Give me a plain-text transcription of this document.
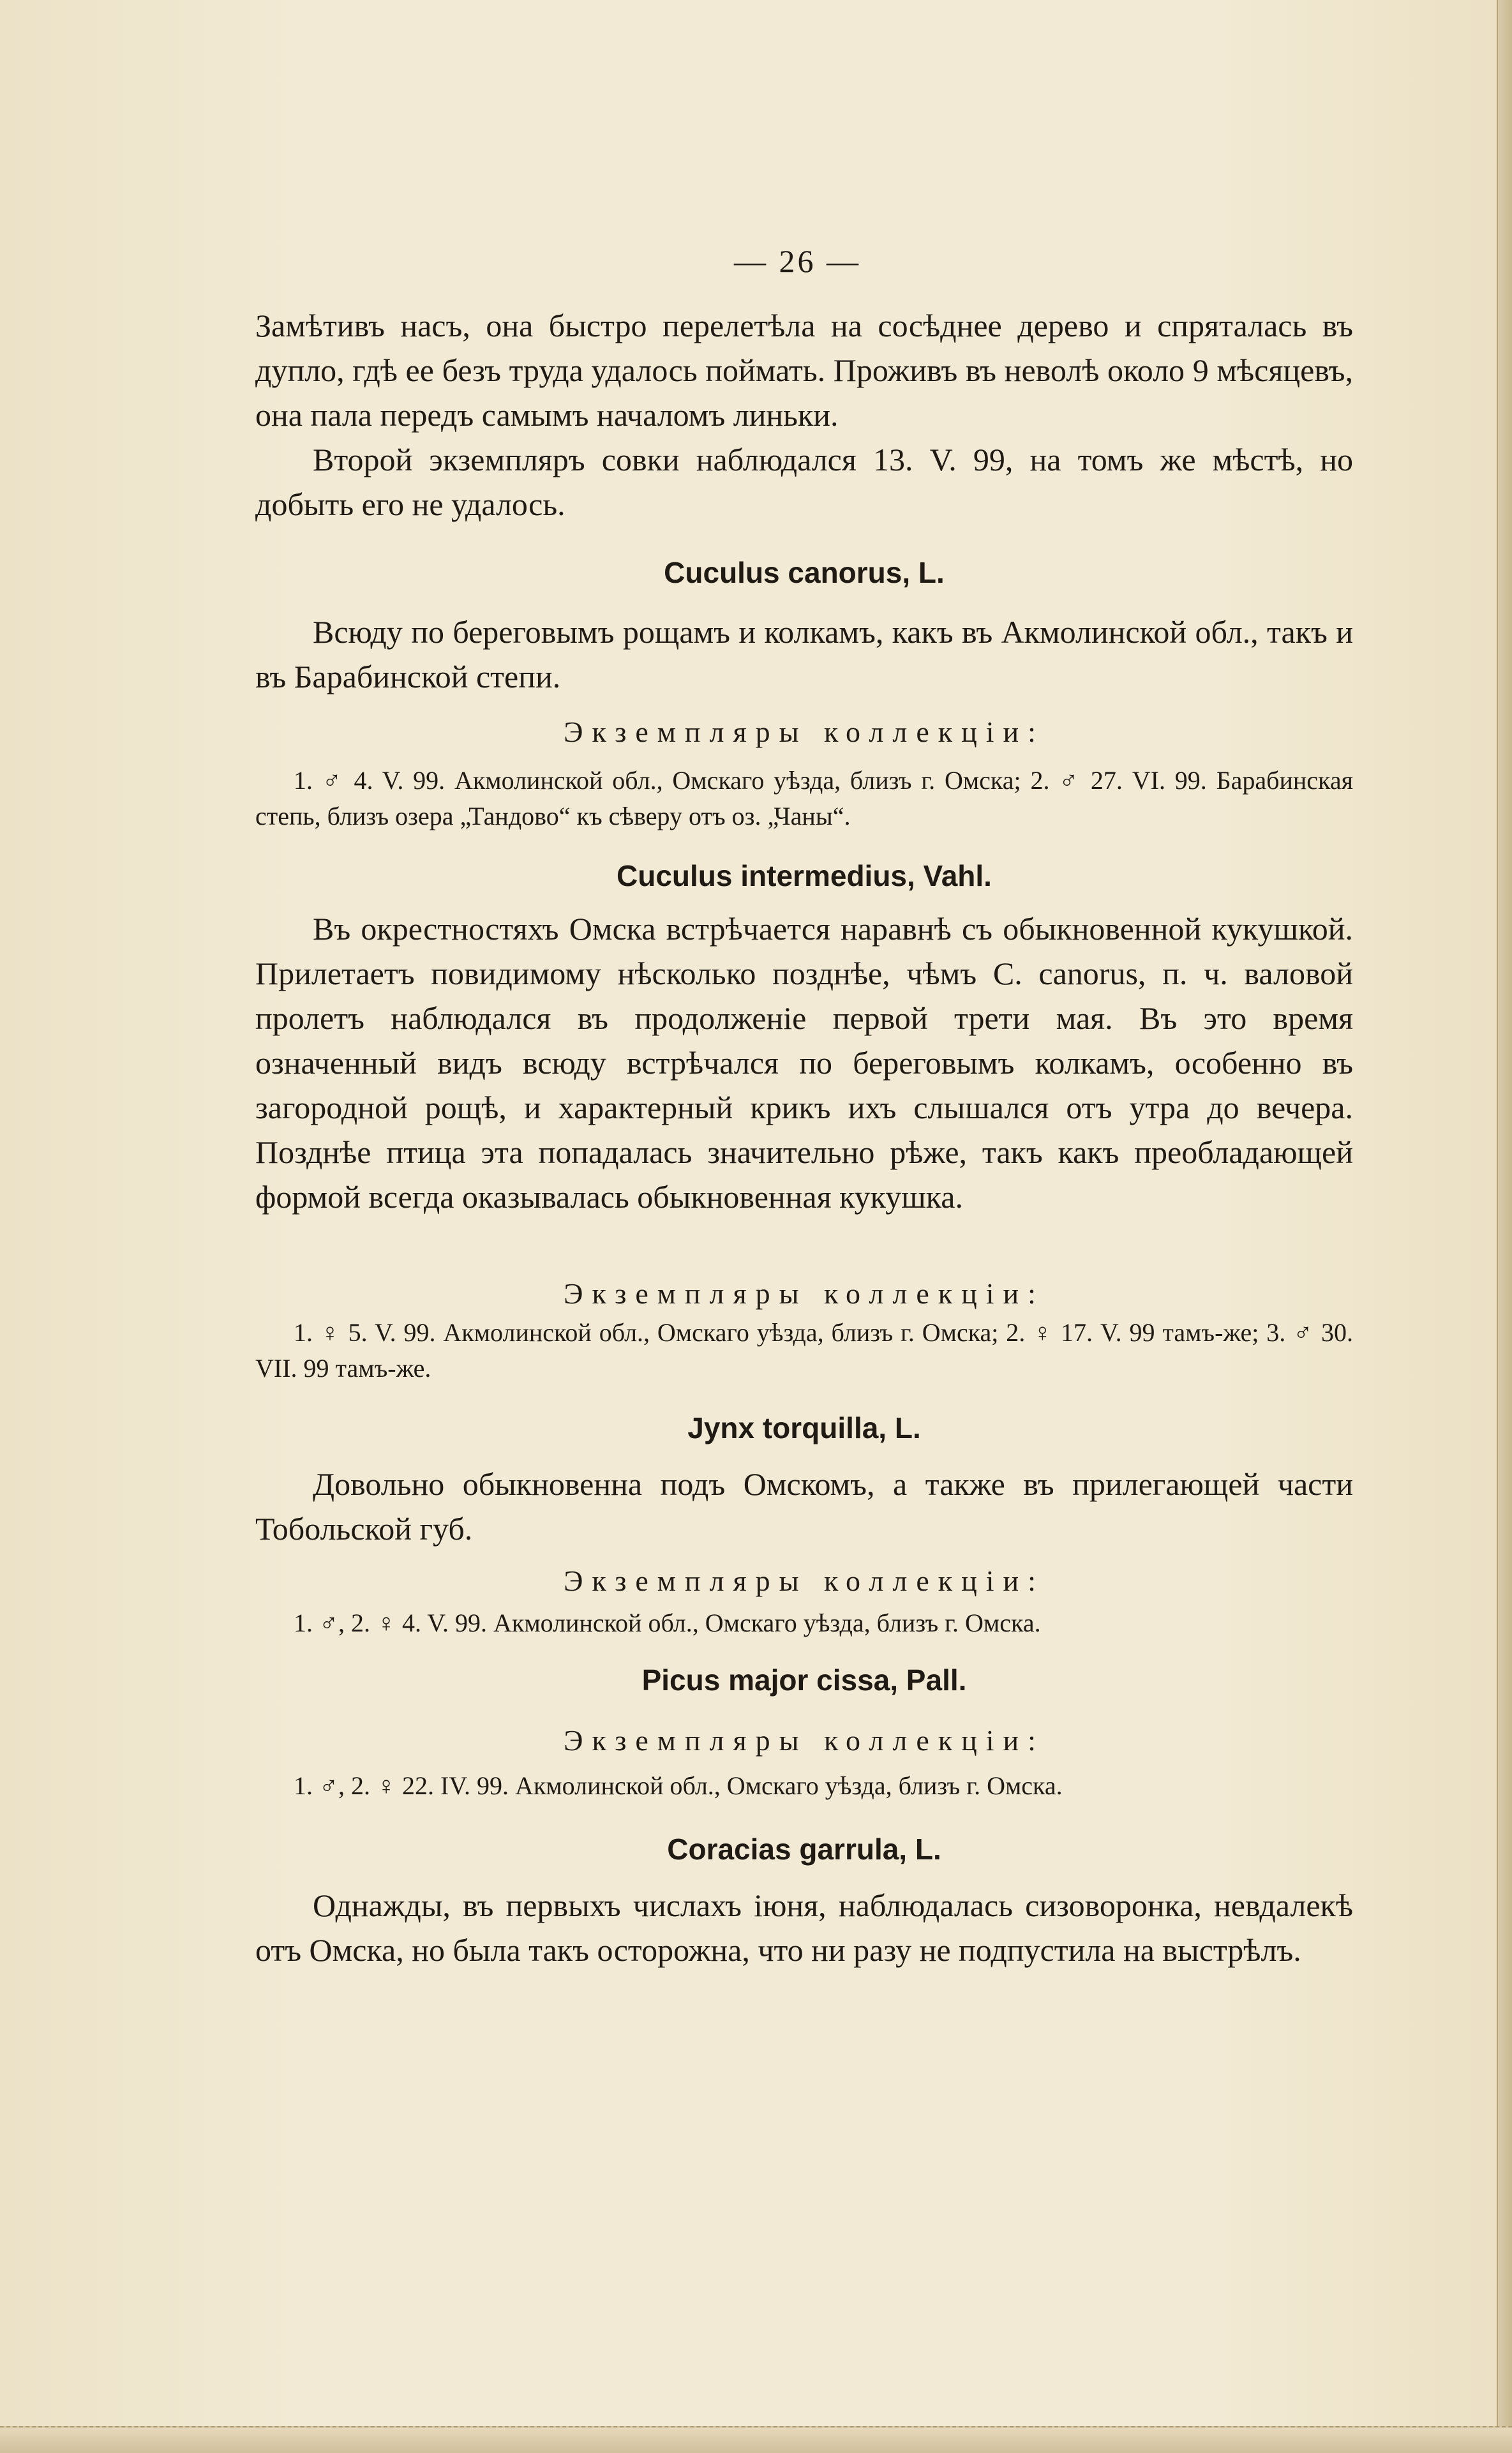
— 26 —
Замѣтивъ насъ, она быстро перелетѣла на сосѣднее дерево и спряталась въ дупло, гдѣ ее безъ труда удалось поймать. Проживъ въ неволѣ около 9 мѣсяцевъ, она пала передъ самымъ началомъ линьки.
Второй экземпляръ совки наблюдался 13. V. 99, на томъ же мѣстѣ, но добыть его не удалось.
Cuculus canorus, L.
Всюду по береговымъ рощамъ и колкамъ, какъ въ Акмолинской обл., такъ и въ Барабинской степи.
Экземпляры коллекціи:
1. ♂ 4. V. 99. Акмолинской обл., Омскаго уѣзда, близъ г. Омска; 2. ♂ 27. VI. 99. Барабинская степь, близъ озера „Тандово“ къ сѣверу отъ оз. „Чаны“.
Cuculus intermedius, Vahl.
Въ окрестностяхъ Омска встрѣчается наравнѣ съ обыкновенной кукушкой. Прилетаетъ повидимому нѣсколько позднѣе, чѣмъ C. canorus, п. ч. валовой пролетъ наблюдался въ продолженіе первой трети мая. Въ это время означенный видъ всюду встрѣчался по береговымъ колкамъ, особенно въ загородной рощѣ, и характерный крикъ ихъ слышался отъ утра до вечера. Позднѣе птица эта попадалась значительно рѣже, такъ какъ преобладающей формой всегда оказывалась обыкновенная кукушка.
Экземпляры коллекціи:
1. ♀ 5. V. 99. Акмолинской обл., Омскаго уѣзда, близъ г. Омска; 2. ♀ 17. V. 99 тамъ-же; 3. ♂ 30. VII. 99 тамъ-же.
Jynx torquilla, L.
Довольно обыкновенна подъ Омскомъ, а также въ прилегающей части Тобольской губ.
Экземпляры коллекціи:
1. ♂, 2. ♀ 4. V. 99. Акмолинской обл., Омскаго уѣзда, близъ г. Омска.
Picus major cissa, Pall.
Экземпляры коллекціи:
1. ♂, 2. ♀ 22. IV. 99. Акмолинской обл., Омскаго уѣзда, близъ г. Омска.
Coracias garrula, L.
Однажды, въ первыхъ числахъ іюня, наблюдалась сизоворонка, невдалекѣ отъ Омска, но была такъ осторожна, что ни разу не подпустила на выстрѣлъ.
